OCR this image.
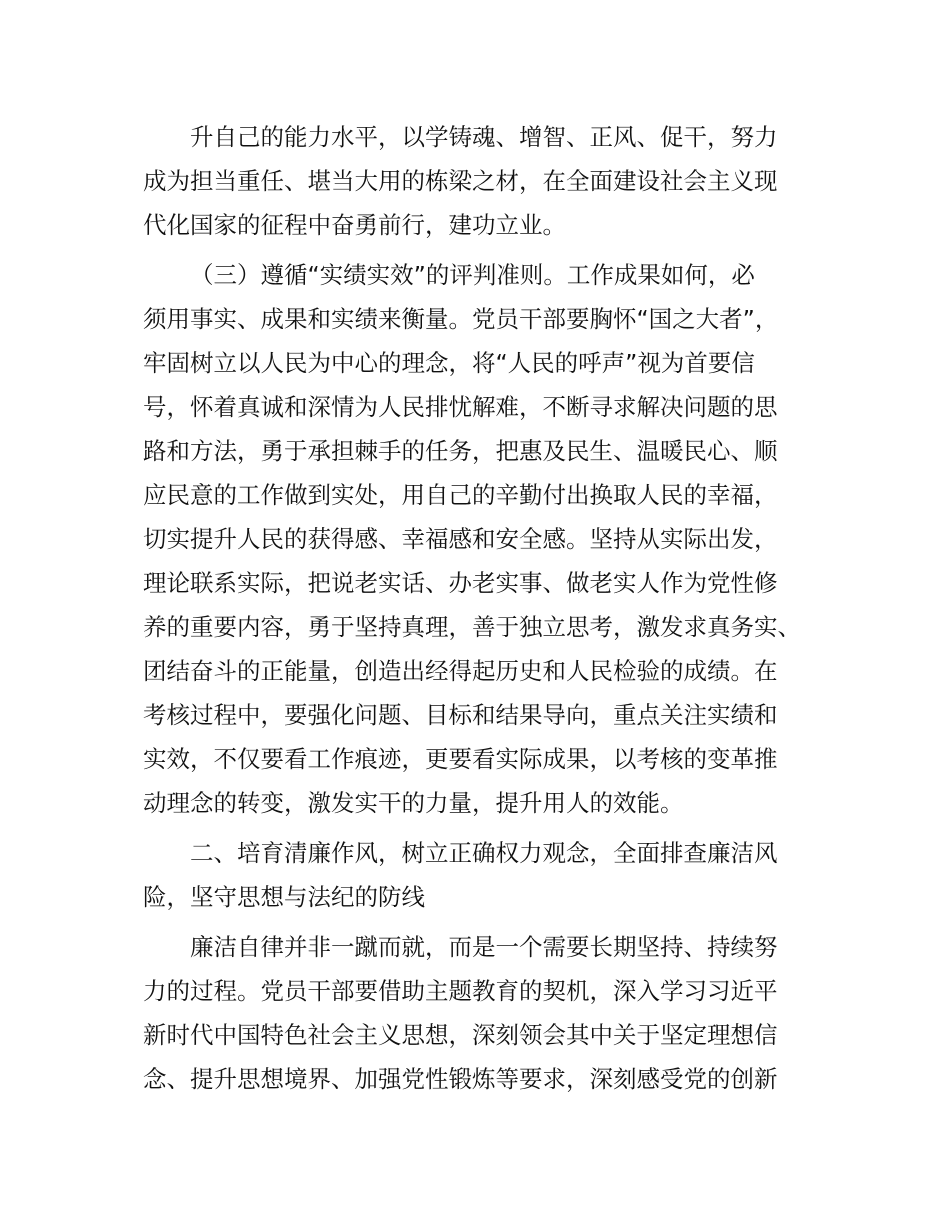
升自己的能力水平，以学铸魂、增智、正风、促干，努力
成为担当重任、堪当大用的栋梁之材，在全面建设社会主义现
代化国家的征程中奋勇前行，建功立业。
（三）遵循“实绩实效”的评判准则。工作成果如何，必
须用事实、成果和实绩来衡量。党员干部要胸怀“国之大者”，
牢固树立以人民为中心的理念，将“人民的呼声”视为首要信
号，怀着真诚和深情为人民排忧解难，不断寻求解决问题的思
路和方法，勇于承担棘手的任务，把惠及民生、温暖民心、顺
应民意的工作做到实处，用自己的辛勤付出换取人民的幸福，
切实提升人民的获得感、幸福感和安全感。坚持从实际出发，
理论联系实际，把说老实话、办老实事、做老实人作为党性修
养的重要内容，勇于坚持真理，善于独立思考，激发求真务实、
团结奋斗的正能量，创造出经得起历史和人民检验的成绩。在
考核过程中，要强化问题、目标和结果导向，重点关注实绩和
实效，不仅要看工作痕迹，更要看实际成果，以考核的变革推
动理念的转变，激发实干的力量，提升用人的效能。
二、培育清廉作风，树立正确权力观念，全面排查廉洁风
险，坚守思想与法纪的防线
廉洁自律并非一蹴而就，而是一个需要长期坚持、持续努
力的过程。党员干部要借助主题教育的契机，深入学习习近平
新时代中国特色社会主义思想，深刻领会其中关于坚定理想信
念、提升思想境界、加强党性锻炼等要求，深刻感受党的创新
